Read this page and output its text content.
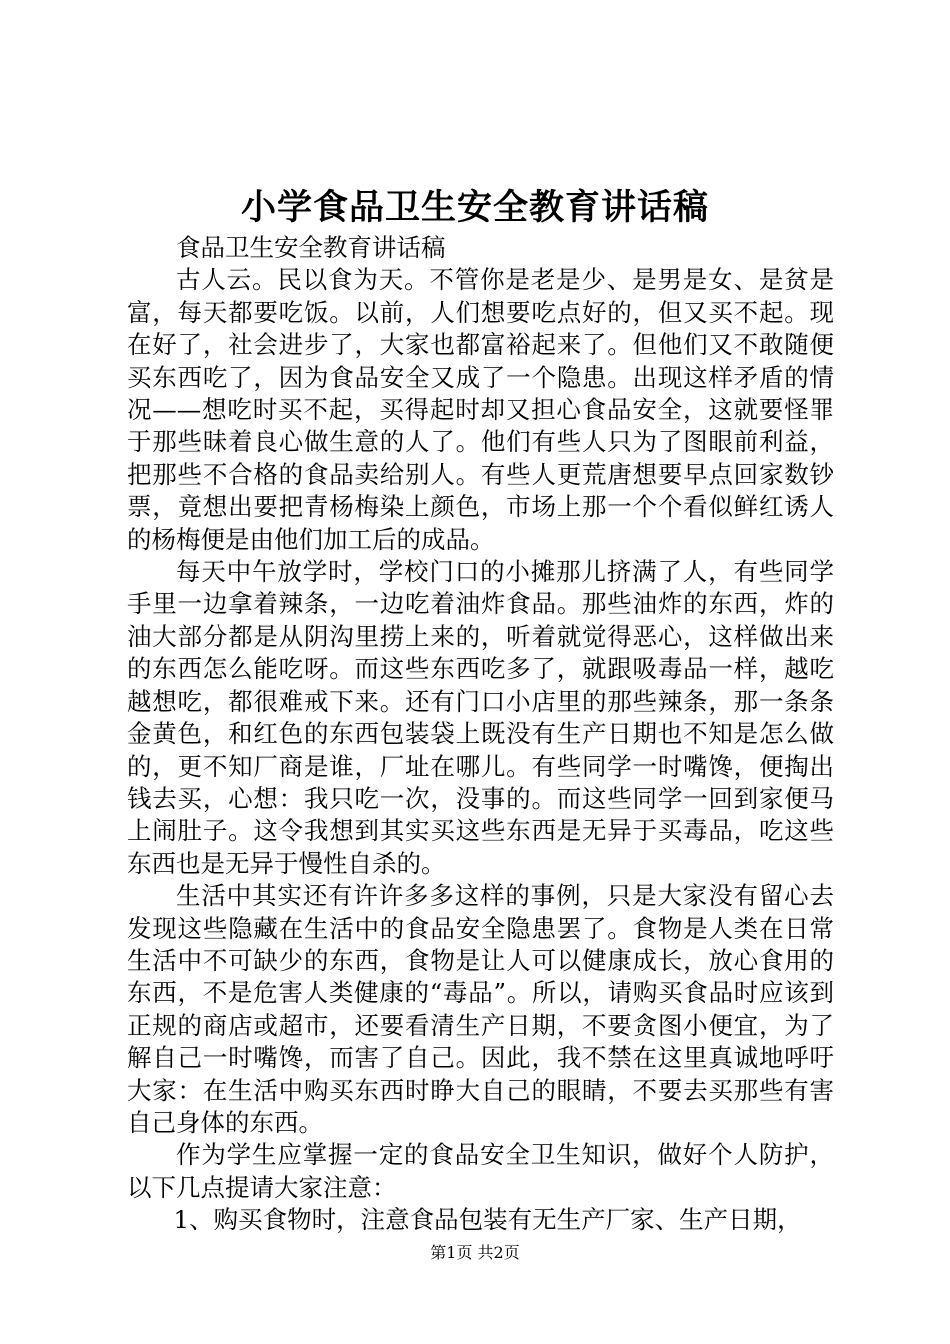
小学食品卫生安全教育讲话稿

食品卫生安全教育讲话稿

古人云。民以食为天。不管你是老是少、是男是女、是贫是富，每天都要吃饭。以前，人们想要吃点好的，但又买不起。现在好了，社会进步了，大家也都富裕起来了。但他们又不敢随便买东西吃了，因为食品安全又成了一个隐患。出现这样矛盾的情况——想吃时买不起，买得起时却又担心食品安全，这就要怪罪于那些昧着良心做生意的人了。他们有些人只为了图眼前利益，把那些不合格的食品卖给别人。有些人更荒唐想要早点回家数钞票，竟想出要把青杨梅染上颜色，市场上那一个个看似鲜红诱人的杨梅便是由他们加工后的成品。

每天中午放学时，学校门口的小摊那儿挤满了人，有些同学手里一边拿着辣条，一边吃着油炸食品。那些油炸的东西，炸的油大部分都是从阴沟里捞上来的，听着就觉得恶心，这样做出来的东西怎么能吃呀。而这些东西吃多了，就跟吸毒品一样，越吃越想吃，都很难戒下来。还有门口小店里的那些辣条，那一条条金黄色，和红色的东西包装袋上既没有生产日期也不知是怎么做的，更不知厂商是谁，厂址在哪儿。有些同学一时嘴馋，便掏出钱去买，心想：我只吃一次，没事的。而这些同学一回到家便马上闹肚子。这令我想到其实买这些东西是无异于买毒品，吃这些东西也是无异于慢性自杀的。

生活中其实还有许许多多这样的事例，只是大家没有留心去发现这些隐藏在生活中的食品安全隐患罢了。食物是人类在日常生活中不可缺少的东西，食物是让人可以健康成长，放心食用的东西，不是危害人类健康的“毒品”。所以，请购买食品时应该到正规的商店或超市，还要看清生产日期，不要贪图小便宜，为了解自己一时嘴馋，而害了自己。因此，我不禁在这里真诚地呼吁大家：在生活中购买东西时睁大自己的眼睛，不要去买那些有害自己身体的东西。

作为学生应掌握一定的食品安全卫生知识，做好个人防护，以下几点提请大家注意：

1、购买食物时，注意食品包装有无生产厂家、生产日期，

第1页 共2页
